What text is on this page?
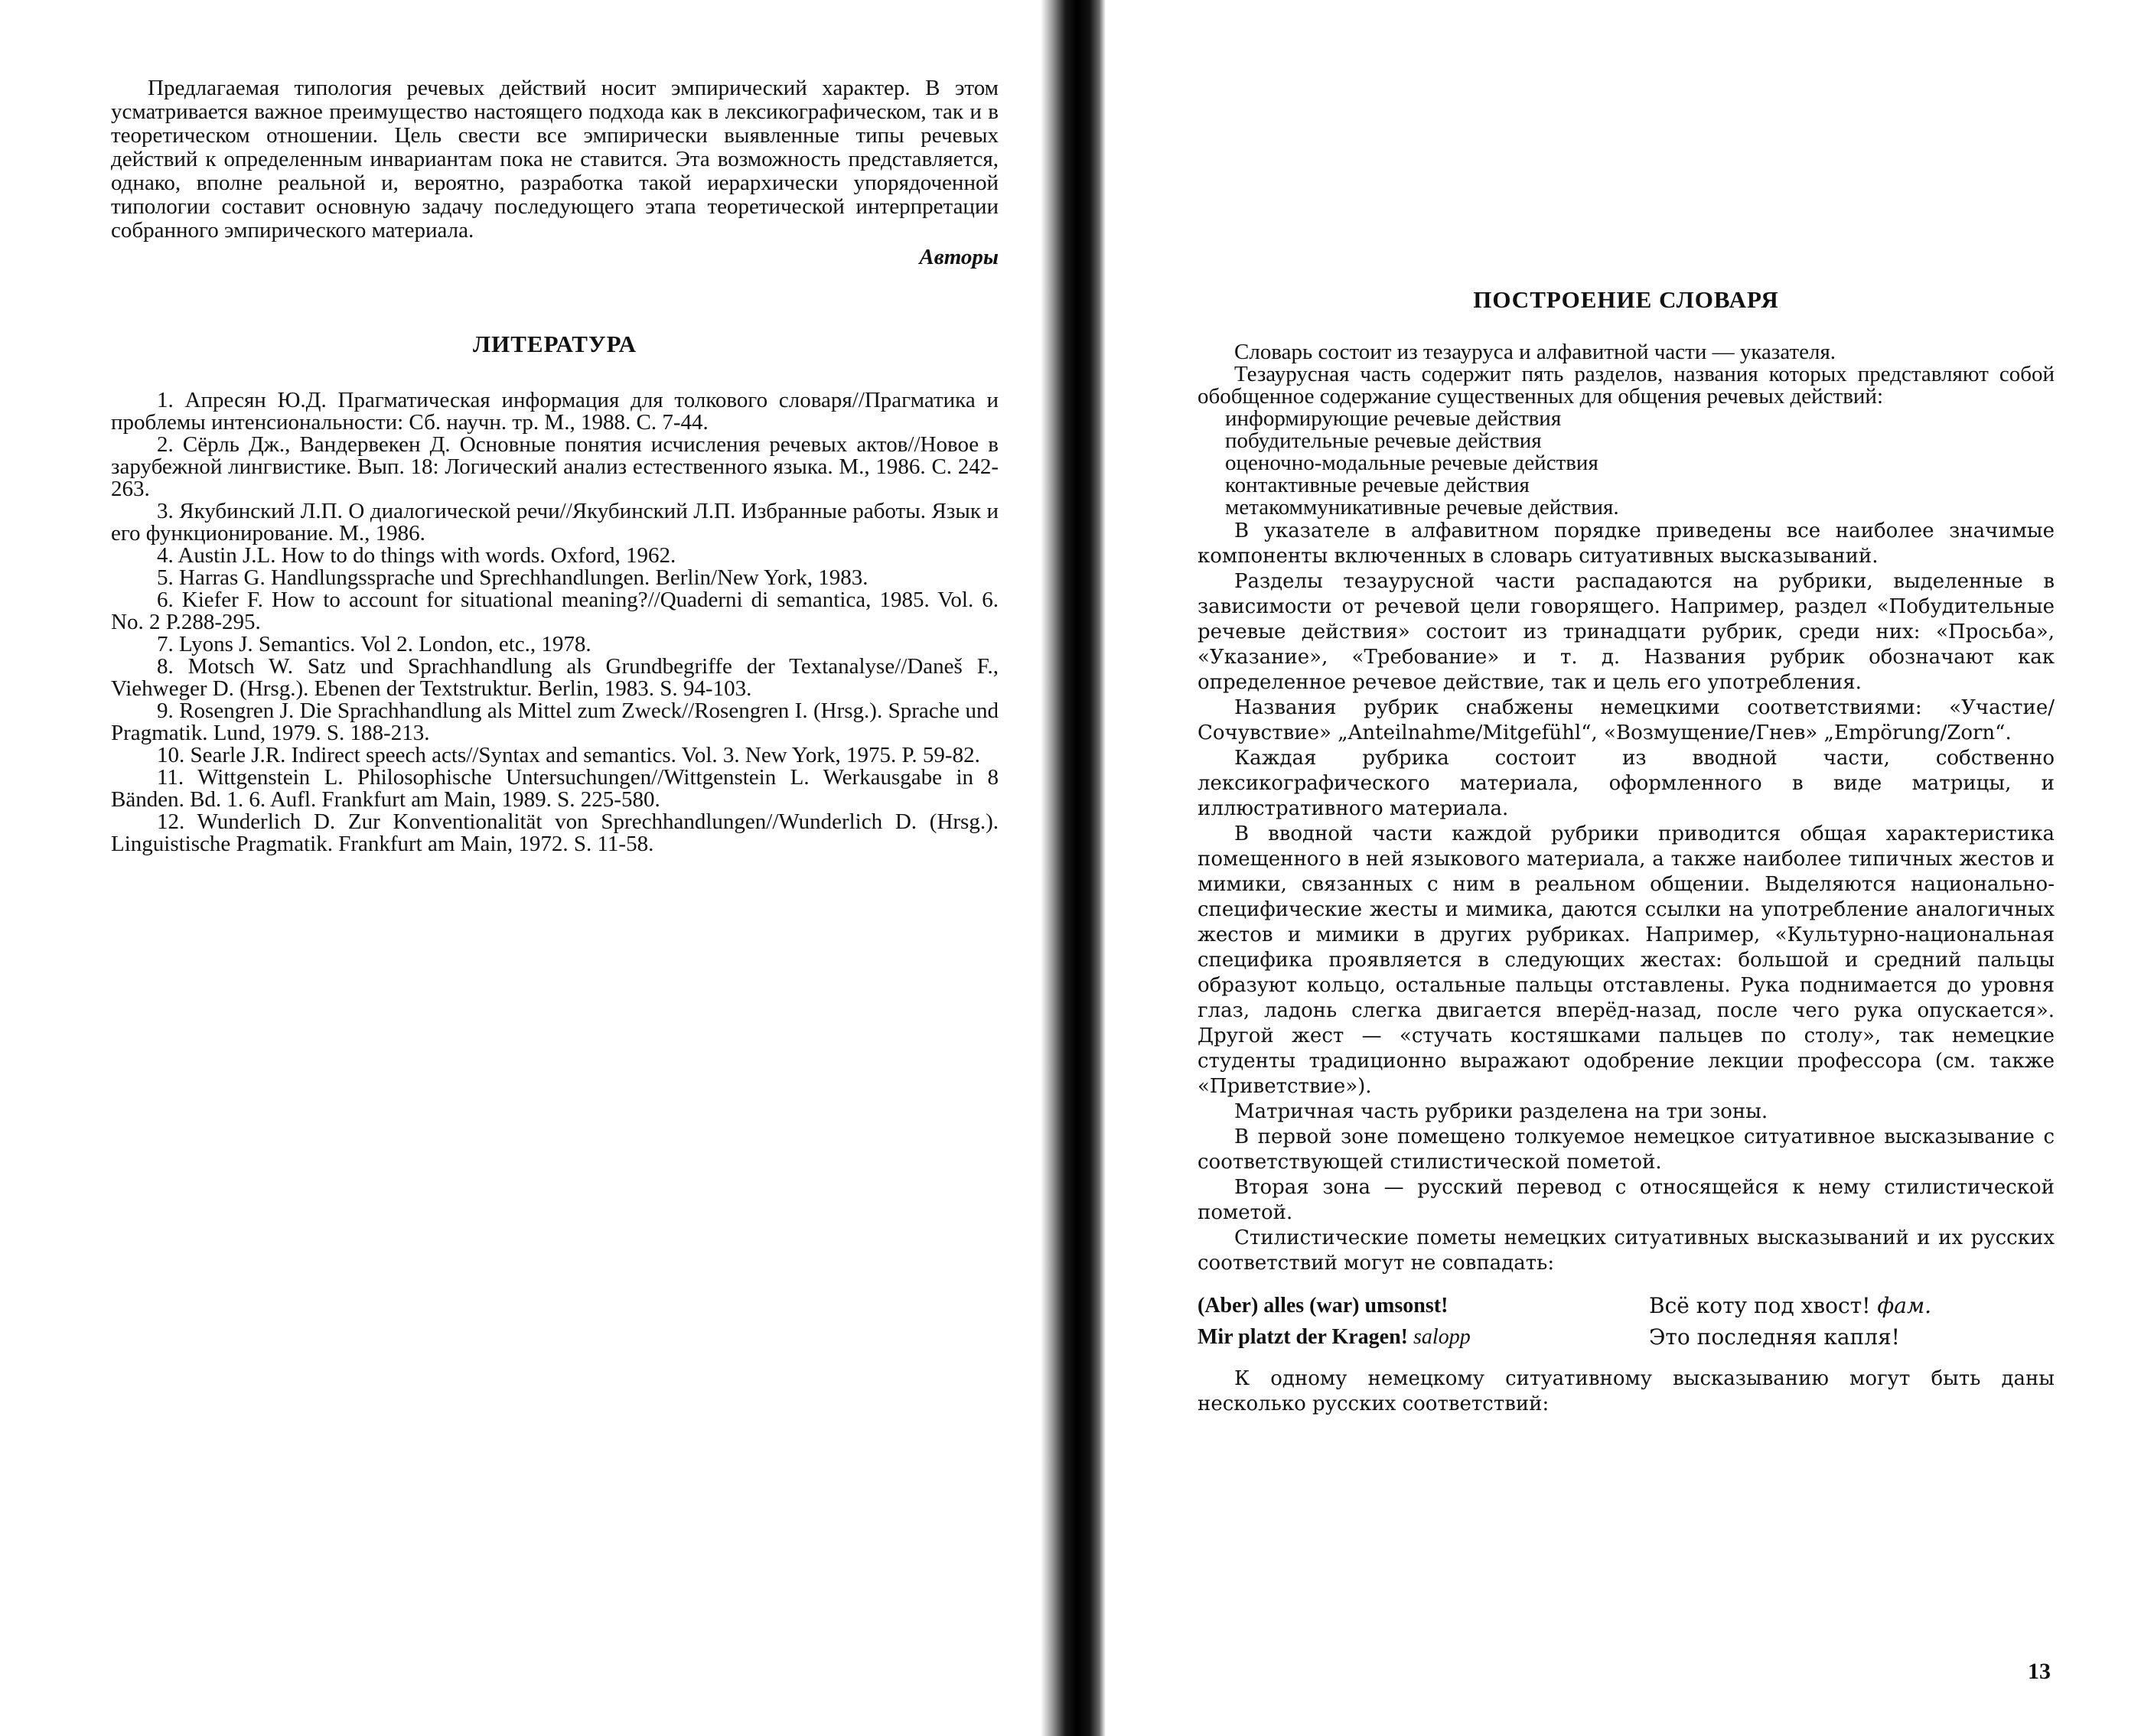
Предлагаемая типология речевых действий носит эмпирический характер. В этом усматривается важное преимущество настоящего подхода как в лексикографическом, так и в теоретическом отношении. Цель свести все эмпирически выявленные типы речевых действий к определенным инвариантам пока не ставится. Эта возможность представляется, однако, вполне реальной и, вероятно, разработка такой иерархически упорядоченной типологии составит основную задачу последующего этапа теоретической интерпретации собранного эмпирического материала.

Авторы

ЛИТЕРАТУРА

1. Апресян Ю.Д. Прагматическая информация для толкового словаря//Прагматика и проблемы интенсиональности: Сб. научн. тр. М., 1988. С. 7-44.

2. Сёрль Дж., Вандервекен Д. Основные понятия исчисления речевых актов//Новое в зарубежной лингвистике. Вып. 18: Логический анализ естественного языка. М., 1986. С. 242-263.

3. Якубинский Л.П. О диалогической речи//Якубинский Л.П. Избранные работы. Язык и его функционирование. М., 1986.

4. Austin J.L. How to do things with words. Oxford, 1962.

5. Harras G. Handlungssprache und Sprechhandlungen. Berlin/New York, 1983.

6. Kiefer F. How to account for situational meaning?//Quaderni di semantica, 1985. Vol. 6. No. 2 P.288-295.

7. Lyons J. Semantics. Vol 2. London, etc., 1978.

8. Motsch W. Satz und Sprachhandlung als Grundbegriffe der Textanalyse//Daneš F., Viehweger D. (Hrsg.). Ebenen der Textstruktur. Berlin, 1983. S. 94-103.

9. Rosengren J. Die Sprachhandlung als Mittel zum Zweck//Rosengren I. (Hrsg.). Sprache und Pragmatik. Lund, 1979. S. 188-213.

10. Searle J.R. Indirect speech acts//Syntax and semantics. Vol. 3. New York, 1975. P. 59-82.

11. Wittgenstein L. Philosophische Untersuchungen//Wittgenstein L. Werkausgabe in 8 Bänden. Bd. 1. 6. Aufl. Frankfurt am Main, 1989. S. 225-580.

12. Wunderlich D. Zur Konventionalität von Sprechhandlungen//Wunderlich D. (Hrsg.). Linguistische Pragmatik. Frankfurt am Main, 1972. S. 11-58.

ПОСТРОЕНИЕ СЛОВАРЯ

Словарь состоит из тезауруса и алфавитной части — указателя.

Тезаурусная часть содержит пять разделов, названия которых представляют собой обобщенное содержание существенных для общения речевых действий:

информирующие речевые действия
побудительные речевые действия
оценочно-модальные речевые действия
контактивные речевые действия
метакоммуникативные речевые действия.

В указателе в алфавитном порядке приведены все наиболее значимые компоненты включенных в словарь ситуативных высказываний.

Разделы тезаурусной части распадаются на рубрики, выделенные в зависимости от речевой цели говорящего. Например, раздел «Побудительные речевые действия» состоит из тринадцати рубрик, среди них: «Просьба», «Указание», «Требование» и т. д. Названия рубрик обозначают как определенное речевое действие, так и цель его употребления.

Названия рубрик снабжены немецкими соответствиями: «Участие/Сочувствие» „Anteilnahme/Mitgefühl“, «Возмущение/Гнев» „Empörung/Zorn“.

Каждая рубрика состоит из вводной части, собственно лексикографического материала, оформленного в виде матрицы, и иллюстративного материала.

В вводной части каждой рубрики приводится общая характеристика помещенного в ней языкового материала, а также наиболее типичных жестов и мимики, связанных с ним в реальном общении. Выделяются национально-специфические жесты и мимика, даются ссылки на употребление аналогичных жестов и мимики в других рубриках. Например, «Культурно-национальная специфика проявляется в следующих жестах: большой и средний пальцы образуют кольцо, остальные пальцы отставлены. Рука поднимается до уровня глаз, ладонь слегка двигается вперёд-назад, после чего рука опускается». Другой жест — «стучать костяшками пальцев по столу», так немецкие студенты традиционно выражают одобрение лекции профессора (см. также «Приветствие»).

Матричная часть рубрики разделена на три зоны.

В первой зоне помещено толкуемое немецкое ситуативное высказывание с соответствующей стилистической пометой.

Вторая зона — русский перевод с относящейся к нему стилистической пометой.

Стилистические пометы немецких ситуативных высказываний и их русских соответствий могут не совпадать:

(Aber) alles (war) umsonst!	Всё коту под хвост! фам.
Mir platzt der Kragen! salopp	Это последняя капля!

К одному немецкому ситуативному высказыванию могут быть даны несколько русских соответствий:

13
